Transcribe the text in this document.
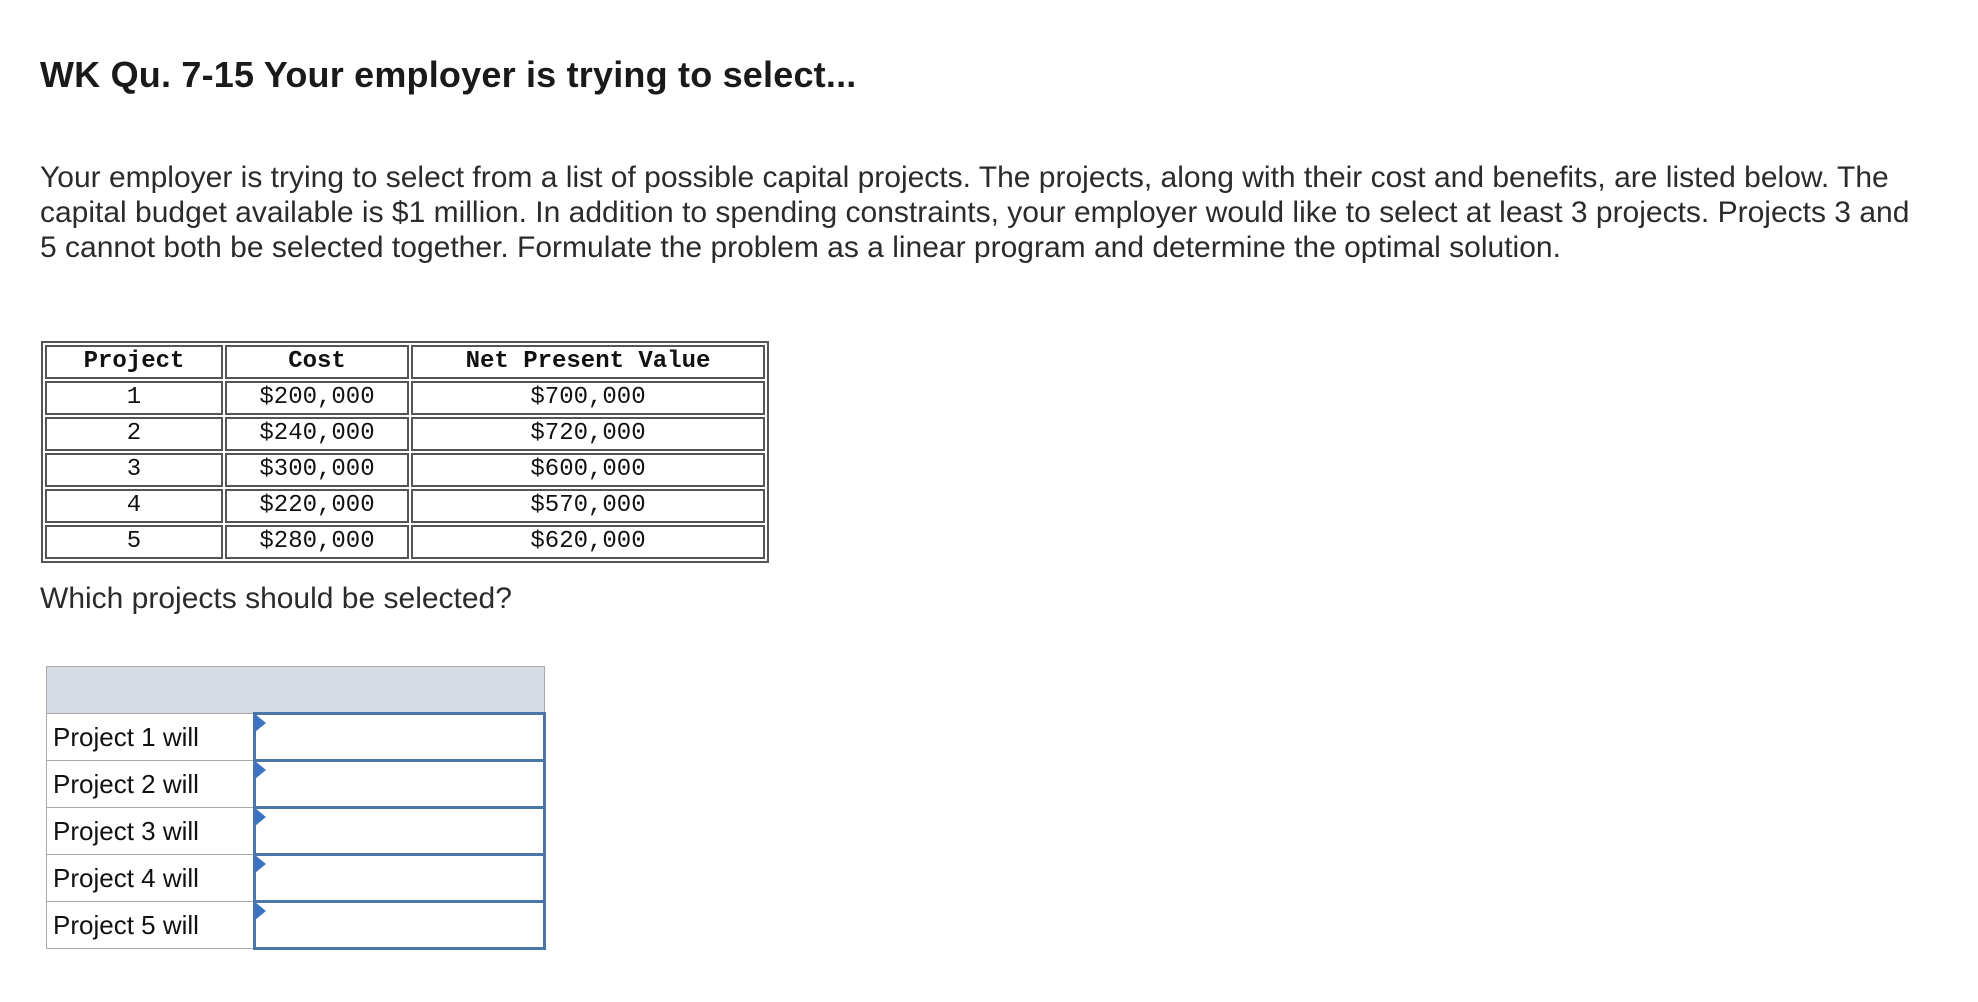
WK Qu. 7-15 Your employer is trying to select...

Your employer is trying to select from a list of possible capital projects. The projects, along with their cost and benefits, are listed below. The capital budget available is $1 million. In addition to spending constraints, your employer would like to select at least 3 projects. Projects 3 and 5 cannot both be selected together. Formulate the problem as a linear program and determine the optimal solution.

Project	Cost	Net Present Value
1	$200,000	$700,000
2	$240,000	$720,000
3	$300,000	$600,000
4	$220,000	$570,000
5	$280,000	$620,000

Which projects should be selected?

Project 1 will	

Project 2 will	

Project 3 will	

Project 4 will	

Project 5 will	
